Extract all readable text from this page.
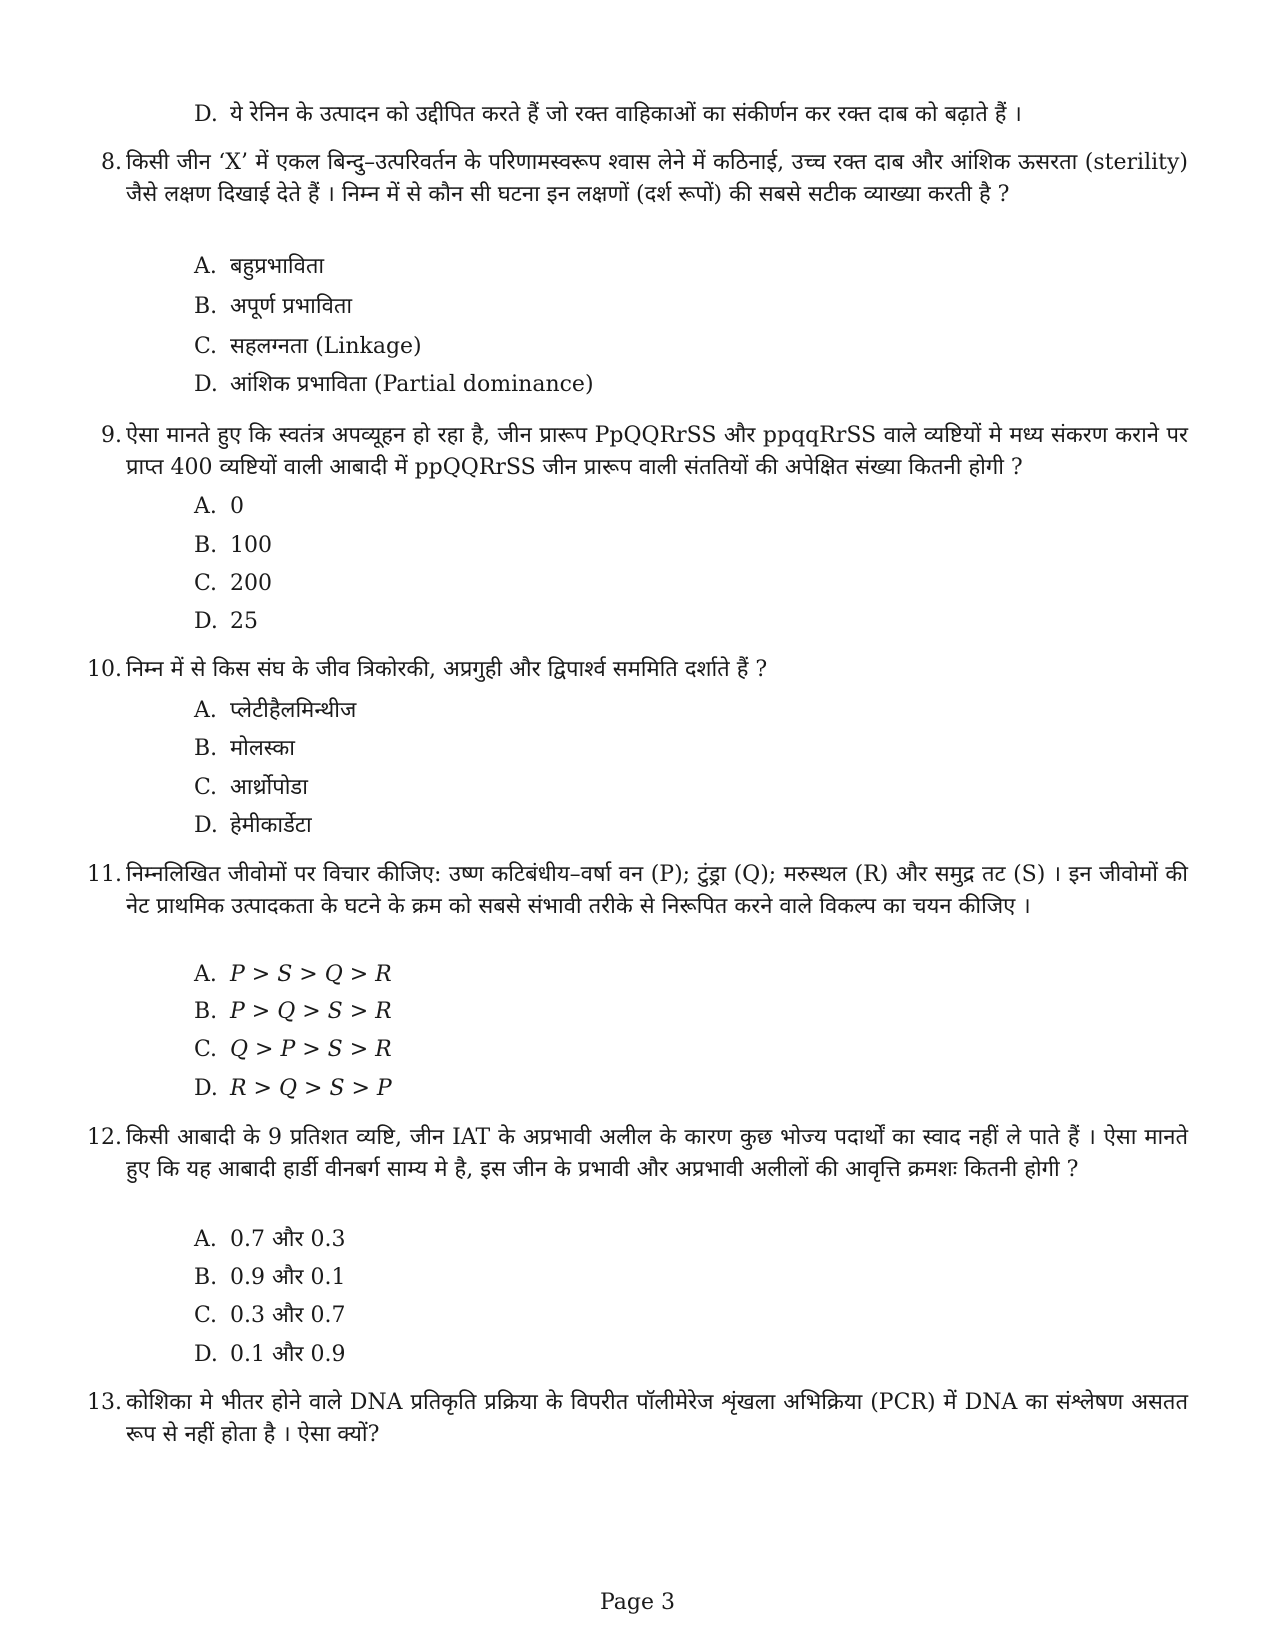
D. ये रेनिन के उत्पादन को उद्दीपित करते हैं जो रक्त वाहिकाओं का संकीर्णन कर रक्त दाब को बढ़ाते हैं ।
8. किसी जीन ‘X’ में एकल बिन्दु–उत्परिवर्तन के परिणामस्वरूप श्वास लेने में कठिनाई, उच्च रक्त दाब और आंशिक ऊसरता (sterility) जैसे लक्षण दिखाई देते हैं । निम्न में से कौन सी घटना इन लक्षणों (दर्श रूपों) की सबसे सटीक व्याख्या करती है ?
A. बहुप्रभाविता
B. अपूर्ण प्रभाविता
C. सहलग्नता (Linkage)
D. आंशिक प्रभाविता (Partial dominance)
9. ऐसा मानते हुए कि स्वतंत्र अपव्यूहन हो रहा है, जीन प्रारूप PpQQRrSS और ppqqRrSS वाले व्यष्टियों मे मध्य संकरण कराने पर प्राप्त 400 व्यष्टियों वाली आबादी में ppQQRrSS जीन प्रारूप वाली संततियों की अपेक्षित संख्या कितनी होगी ?
A. 0
B. 100
C. 200
D. 25
10. निम्न में से किस संघ के जीव त्रिकोरकी, अप्रगुही और द्विपार्श्व सममिति दर्शाते हैं ?
A. प्लेटीहैलमिन्थीज
B. मोलस्का
C. आर्थ्रोपोडा
D. हेमीकार्डेटा
11. निम्नलिखित जीवोमों पर विचार कीजिए: उष्ण कटिबंधीय–वर्षा वन (P); टुंड्रा (Q); मरुस्थल (R) और समुद्र तट (S) । इन जीवोमों की नेट प्राथमिक उत्पादकता के घटने के क्रम को सबसे संभावी तरीके से निरूपित करने वाले विकल्प का चयन कीजिए ।
A. P > S > Q > R
B. P > Q > S > R
C. Q > P > S > R
D. R > Q > S > P
12. किसी आबादी के 9 प्रतिशत व्यष्टि, जीन IAT के अप्रभावी अलील के कारण कुछ भोज्य पदार्थों का स्वाद नहीं ले पाते हैं । ऐसा मानते हुए कि यह आबादी हार्डी वीनबर्ग साम्य मे है, इस जीन के प्रभावी और अप्रभावी अलीलों की आवृत्ति क्रमशः कितनी होगी ?
A. 0.7 और 0.3
B. 0.9 और 0.1
C. 0.3 और 0.7
D. 0.1 और 0.9
13. कोशिका मे भीतर होने वाले DNA प्रतिकृति प्रक्रिया के विपरीत पॉलीमेरेज शृंखला अभिक्रिया (PCR) में DNA का संश्लेषण असतत रूप से नहीं होता है । ऐसा क्यों?
Page 3
